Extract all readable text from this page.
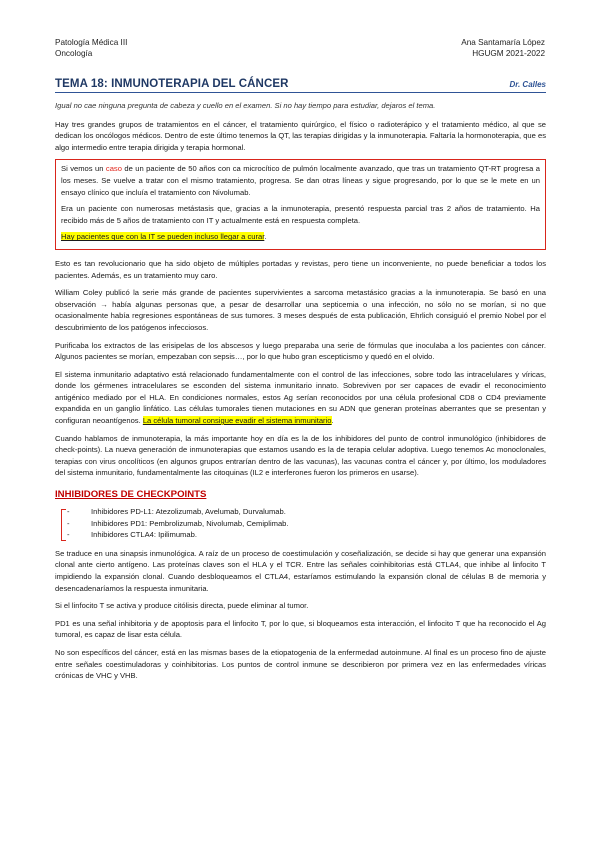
Patología Médica III
Oncología
Ana Santamaría López
HGUGM 2021-2022
TEMA 18: INMUNOTERAPIA DEL CÁNCER	Dr. Calles

Igual no cae ninguna pregunta de cabeza y cuello en el examen. Si no hay tiempo para estudiar, dejaros el tema.

Hay tres grandes grupos de tratamientos en el cáncer, el tratamiento quirúrgico, el físico o radioterápico y el tratamiento médico, al que se dedican los oncólogos médicos. Dentro de este último tenemos la QT, las terapias dirigidas y la inmunoterapia. Faltaría la hormonoterapia, que es algo intermedio entre terapia dirigida y terapia hormonal.

Si vemos un caso de un paciente de 50 años con ca microcítico de pulmón localmente avanzado, que tras un tratamiento QT-RT progresa a los meses. Se vuelve a tratar con el mismo tratamiento, progresa. Se dan otras líneas y sigue progresando, por lo que se le mete en un ensayo clínico que incluía el tratamiento con Nivolumab.

Era un paciente con numerosas metástasis que, gracias a la inmunoterapia, presentó respuesta parcial tras 2 años de tratamiento. Ha recibido más de 5 años de tratamiento con IT y actualmente está en respuesta completa.

Hay pacientes que con la IT se pueden incluso llegar a curar.

Esto es tan revolucionario que ha sido objeto de múltiples portadas y revistas, pero tiene un inconveniente, no puede beneficiar a todos los pacientes. Además, es un tratamiento muy caro.

William Coley publicó la serie más grande de pacientes supervivientes a sarcoma metastásico gracias a la inmunoterapia. Se basó en una observación → había algunas personas que, a pesar de desarrollar una septicemia o una infección, no sólo no se morían, si no que ocasionalmente había regresiones espontáneas de sus tumores. 3 meses después de esta publicación, Ehrlich consiguió el premio Nobel por el descubrimiento de los patógenos infecciosos.

Purificaba los extractos de las erisipelas de los abscesos y luego preparaba una serie de fórmulas que inoculaba a los pacientes con cáncer. Algunos pacientes se morían, empezaban con sepsis…, por lo que hubo gran escepticismo y quedó en el olvido.

El sistema inmunitario adaptativo está relacionado fundamentalmente con el control de las infecciones, sobre todo las intracelulares y víricas, donde los gérmenes intracelulares se esconden del sistema inmunitario innato. Sobreviven por ser capaces de evadir el reconocimiento antigénico mediado por el HLA. En condiciones normales, estos Ag serían reconocidos por una célula profesional CD8 o CD4 previamente expandida en un ganglio linfático. Las células tumorales tienen mutaciones en su ADN que generan proteínas aberrantes que se presentan y configuran neoantígenos. La célula tumoral consigue evadir el sistema inmunitario.

Cuando hablamos de inmunoterapia, la más importante hoy en día es la de los inhibidores del punto de control inmunológico (inhibidores de check-points). La nueva generación de inmunoterapias que estamos usando es la de terapia celular adoptiva. Luego tenemos Ac monoclonales, terapias con virus oncolíticos (en algunos grupos entrarían dentro de las vacunas), las vacunas contra el cáncer y, por último, los moduladores del sistema inmunitario, fundamentalmente las citoquinas (IL2 e interferones fueron los primeros en usarse).

INHIBIDORES DE CHECKPOINTS
-	Inhibidores PD-L1: Atezolizumab, Avelumab, Durvalumab.
-	Inhibidores PD1: Pembrolizumab, Nivolumab, Cemiplimab.
-	Inhibidores CTLA4: Ipilimumab.

Se traduce en una sinapsis inmunológica. A raíz de un proceso de coestimulación y coseñalización, se decide si hay que generar una expansión clonal ante cierto antígeno. Las proteínas claves son el HLA y el TCR. Entre las señales coinhibitorias está CTLA4, que inhibe al linfocito T impidiendo la expansión clonal. Cuando desbloqueamos el CTLA4, estaríamos estimulando la expansión clonal de células B de memoria y desencadenaríamos la respuesta inmunitaria.

Si el linfocito T se activa y produce citólisis directa, puede eliminar al tumor.

PD1 es una señal inhibitoria y de apoptosis para el linfocito T, por lo que, si bloqueamos esta interacción, el linfocito T que ha reconocido el Ag tumoral, es capaz de lisar esta célula.

No son específicos del cáncer, está en las mismas bases de la etiopatogenia de la enfermedad autoinmune. Al final es un proceso fino de ajuste entre señales coestimuladoras y coinhibitorias. Los puntos de control inmune se describieron por primera vez en las enfermedades víricas crónicas de VHC y VHB.
